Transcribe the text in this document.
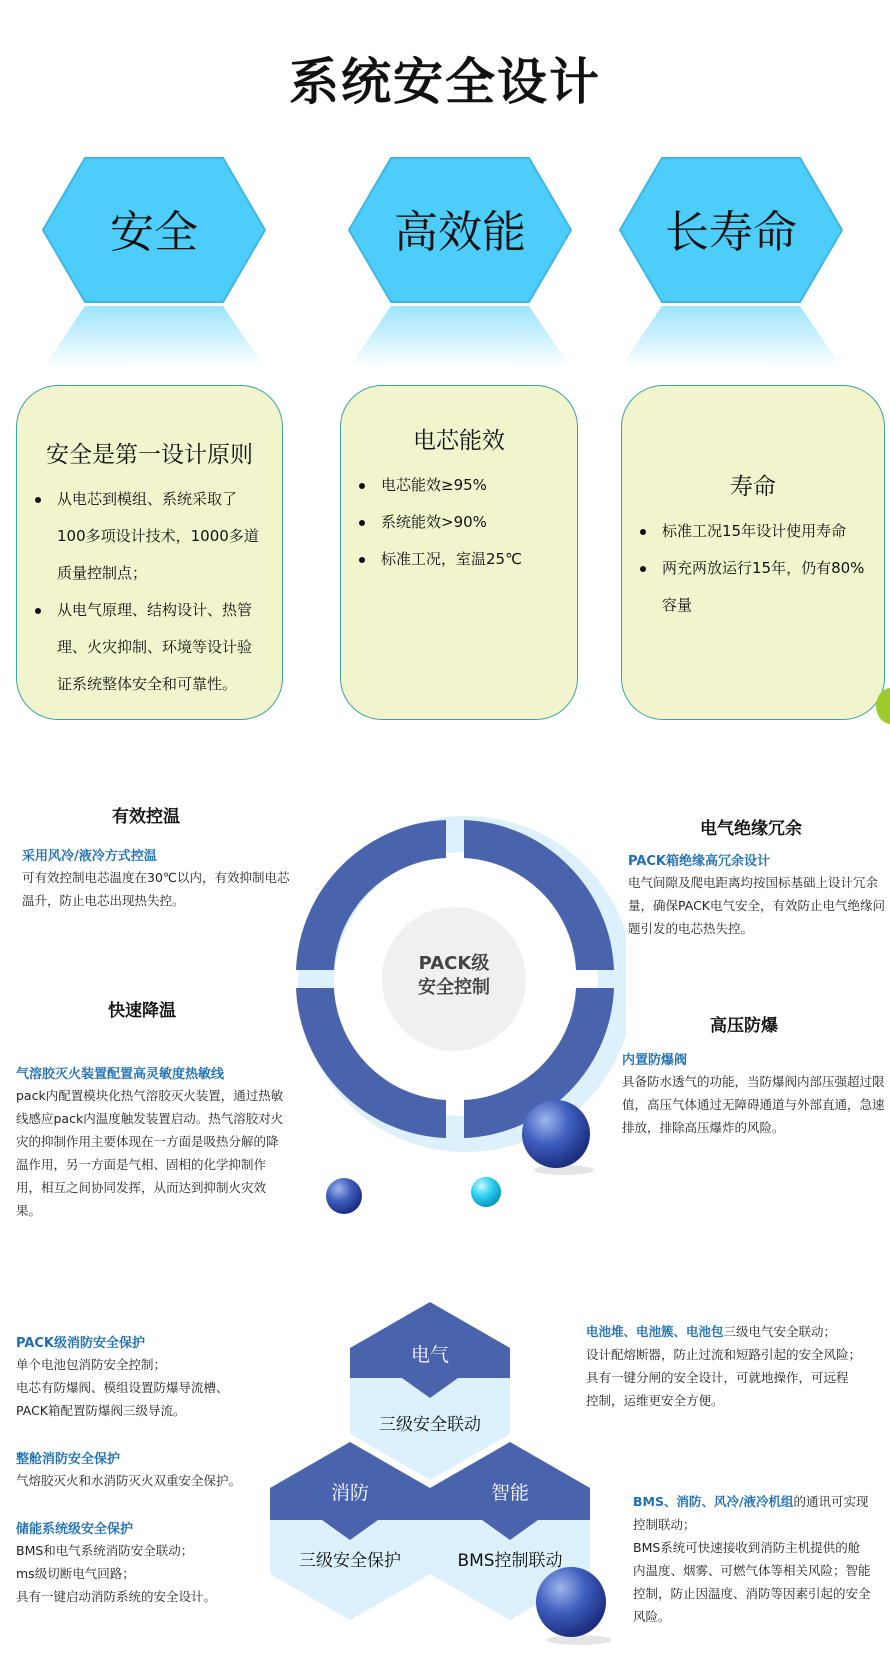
系统安全设计
安全	高效能	长寿命
安全是第一设计原则
从电芯到模组、系统采取了100多项设计技术，1000多道质量控制点；
从电气原理、结构设计、热管理、火灾抑制、环境等设计验证系统整体安全和可靠性。
电芯能效
电芯能效≥95%
系统能效>90%
标准工况，室温25℃
寿命
标准工况15年设计使用寿命
两充两放运行15年，仍有80%容量
PACK级
安全控制
有效控温
采用风冷/液冷方式控温
可有效控制电芯温度在30℃以内，有效抑制电芯温升，防止电芯出现热失控。
电气绝缘冗余
PACK箱绝缘高冗余设计
电气间隙及爬电距离均按国标基础上设计冗余量，确保PACK电气安全，有效防止电气绝缘问题引发的电芯热失控。
快速降温
气溶胶灭火装置配置高灵敏度热敏线
pack内配置模块化热气溶胶灭火装置，通过热敏线感应pack内温度触发装置启动。热气溶胶对火灾的抑制作用主要体现在一方面是吸热分解的降温作用，另一方面是气相、固相的化学抑制作用，相互之间协同发挥，从而达到抑制火灾效果。
高压防爆
内置防爆阀
具备防水透气的功能，当防爆阀内部压强超过限值，高压气体通过无障碍通道与外部直通，急速排放，排除高压爆炸的风险。
电气
三级安全联动
消防
三级安全保护
智能
BMS控制联动
PACK级消防安全保护
单个电池包消防安全控制；
电芯有防爆阀、模组设置防爆导流槽、
PACK箱配置防爆阀三级导流。
整舱消防安全保护
气熔胶灭火和水消防灭火双重安全保护。
储能系统级安全保护
BMS和电气系统消防安全联动；
ms级切断电气回路；
具有一键启动消防系统的安全设计。
电池堆、电池簇、电池包三级电气安全联动；
设计配熔断器，防止过流和短路引起的安全风险；
具有一键分闸的安全设计，可就地操作，可远程
控制，运维更安全方便。
BMS、消防、风冷/液冷机组的通讯可实现
控制联动；
BMS系统可快速接收到消防主机提供的舱
内温度、烟雾、可燃气体等相关风险；智能
控制，防止因温度、消防等因素引起的安全
风险。
